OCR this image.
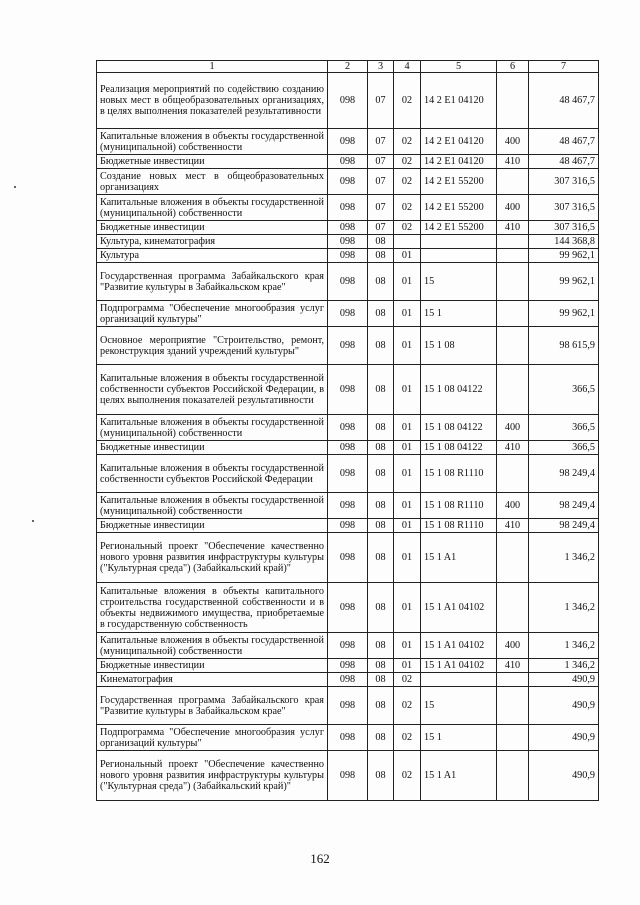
1	2	3	4	5	6	7
Реализация мероприятий по содействию созданию новых мест в общеобразовательных организациях, в целях выполнения показателей результативности	098	07	02	14 2 E1 04120		48 467,7
Капитальные вложения в объекты государственной (муниципальной) собственности	098	07	02	14 2 E1 04120	400	48 467,7
Бюджетные инвестиции	098	07	02	14 2 E1 04120	410	48 467,7
Создание новых мест в общеобразовательных организациях	098	07	02	14 2 E1 55200		307 316,5
Капитальные вложения в объекты государственной (муниципальной) собственности	098	07	02	14 2 E1 55200	400	307 316,5
Бюджетные инвестиции	098	07	02	14 2 E1 55200	410	307 316,5
Культура, кинематография	098	08				144 368,8
Культура	098	08	01			99 962,1
Государственная программа Забайкальского края "Развитие культуры в Забайкальском крае"	098	08	01	15		99 962,1
Подпрограмма "Обеспечение многообразия услуг организаций культуры"	098	08	01	15 1		99 962,1
Основное мероприятие "Строительство, ремонт, реконструкция зданий учреждений культуры"	098	08	01	15 1 08		98 615,9
Капитальные вложения в объекты государственной собственности субъектов Российской Федерации, в целях выполнения показателей результативности	098	08	01	15 1 08 04122		366,5
Капитальные вложения в объекты государственной (муниципальной) собственности	098	08	01	15 1 08 04122	400	366,5
Бюджетные инвестиции	098	08	01	15 1 08 04122	410	366,5
Капитальные вложения в объекты государственной собственности субъектов Российской Федерации	098	08	01	15 1 08 R1110		98 249,4
Капитальные вложения в объекты государственной (муниципальной) собственности	098	08	01	15 1 08 R1110	400	98 249,4
Бюджетные инвестиции	098	08	01	15 1 08 R1110	410	98 249,4
Региональный проект "Обеспечение качественно нового уровня развития инфраструктуры культуры ("Культурная среда") (Забайкальский край)"	098	08	01	15 1 A1		1 346,2
Капитальные вложения в объекты капитального строительства государственной собственности и в объекты недвижимого имущества, приобретаемые в государственную собственность	098	08	01	15 1 A1 04102		1 346,2
Капитальные вложения в объекты государственной (муниципальной) собственности	098	08	01	15 1 A1 04102	400	1 346,2
Бюджетные инвестиции	098	08	01	15 1 A1 04102	410	1 346,2
Кинематография	098	08	02			490,9
Государственная программа Забайкальского края "Развитие культуры в Забайкальском крае"	098	08	02	15		490,9
Подпрограмма "Обеспечение многообразия услуг организаций культуры"	098	08	02	15 1		490,9
Региональный проект "Обеспечение качественно нового уровня развития инфраструктуры культуры ("Культурная среда") (Забайкальский край)"	098	08	02	15 1 A1		490,9
162
